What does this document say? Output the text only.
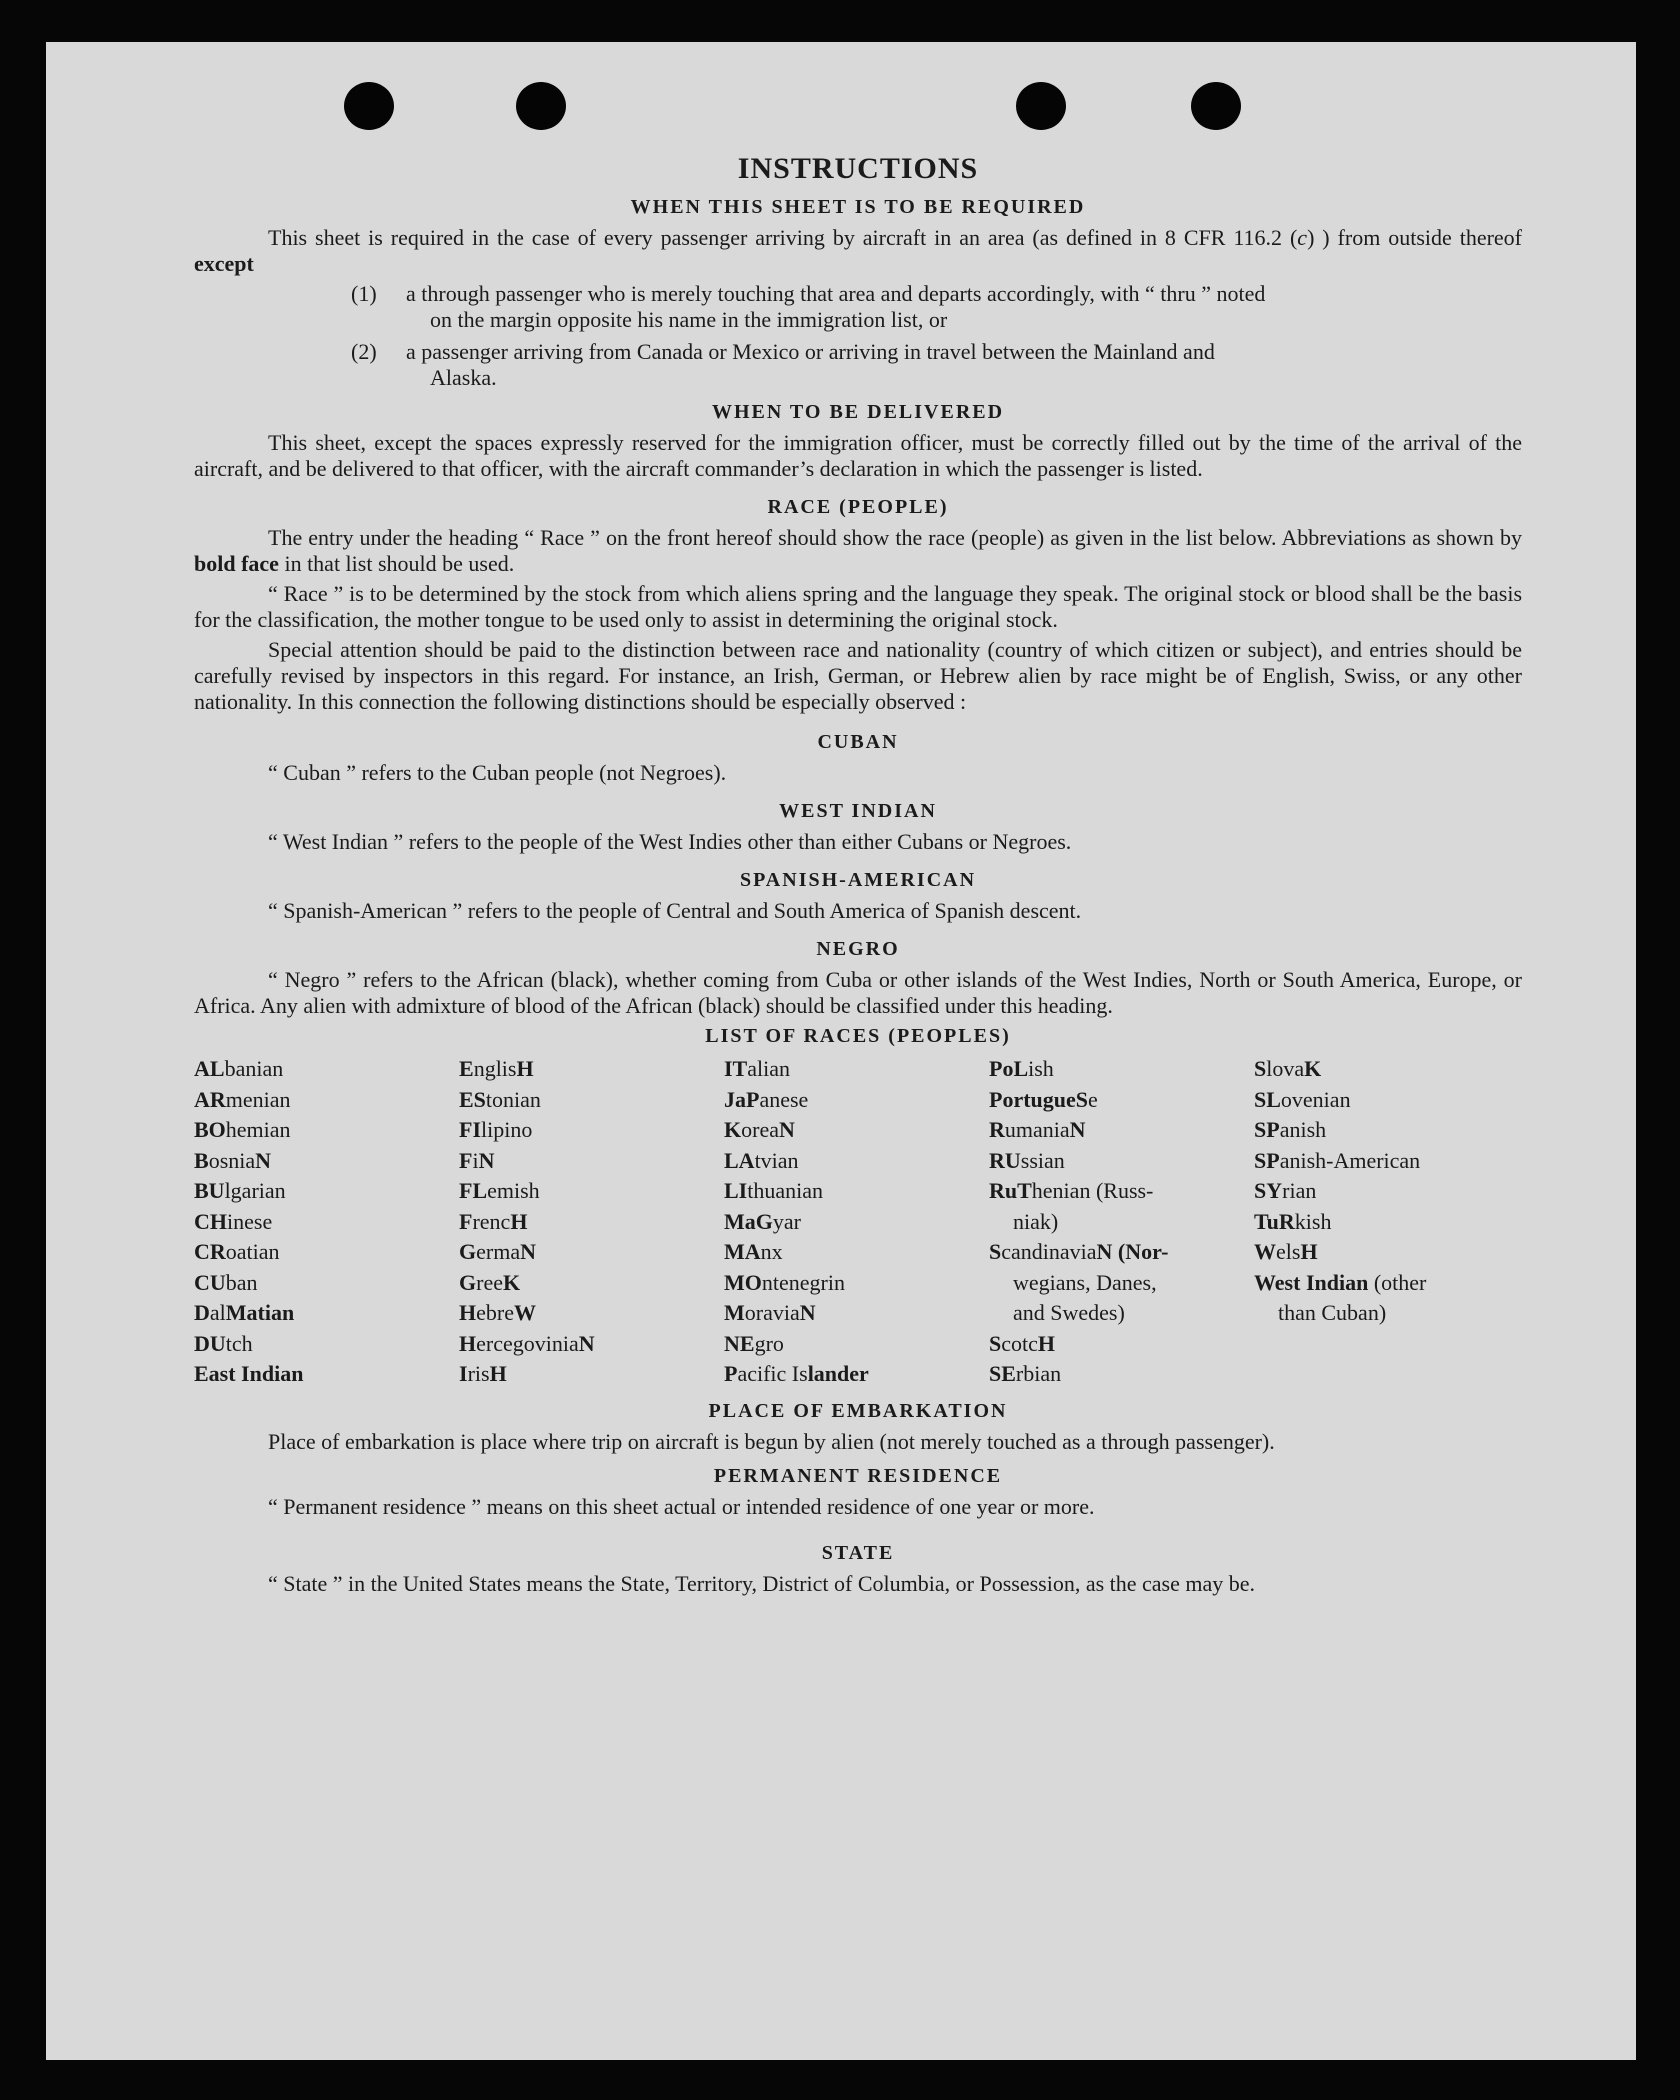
INSTRUCTIONS
WHEN THIS SHEET IS TO BE REQUIRED

This sheet is required in the case of every passenger arriving by aircraft in an area (as defined in 8 CFR 116.2 (c) ) from outside thereof except

(1)	a through passenger who is merely touching that area and departs accordingly, with “ thru ” noted
on the margin opposite his name in the immigration list, or
(2)	a passenger arriving from Canada or Mexico or arriving in travel between the Mainland and
Alaska.
WHEN TO BE DELIVERED

This sheet, except the spaces expressly reserved for the immigration officer, must be correctly filled out by the time of the arrival of the aircraft, and be delivered to that officer, with the aircraft commander’s declaration in which the passenger is listed.

RACE (PEOPLE)

The entry under the heading “ Race ” on the front hereof should show the race (people) as given in the list below. Abbreviations as shown by bold face in that list should be used.

“ Race ” is to be determined by the stock from which aliens spring and the language they speak. The original stock or blood shall be the basis for the classification, the mother tongue to be used only to assist in determining the original stock.

Special attention should be paid to the distinction between race and nationality (country of which citizen or subject), and entries should be carefully revised by inspectors in this regard. For instance, an Irish, German, or Hebrew alien by race might be of English, Swiss, or any other nationality. In this connection the following distinctions should be especially observed :

CUBAN

“ Cuban ” refers to the Cuban people (not Negroes).

WEST INDIAN

“ West Indian ” refers to the people of the West Indies other than either Cubans or Negroes.

SPANISH-AMERICAN

“ Spanish-American ” refers to the people of Central and South America of Spanish descent.

NEGRO

“ Negro ” refers to the African (black), whether coming from Cuba or other islands of the West Indies, North or South America, Europe, or Africa. Any alien with admixture of blood of the African (black) should be classified under this heading.

LIST OF RACES (PEOPLES)
ALbanian
ARmenian
BOhemian
BosniaN
BUlgarian
CHinese
CRoatian
CUban
DalMatian
DUtch
East Indian
EnglisH
EStonian
FIlipino
FiN
FLemish
FrencH
GermaN
GreeK
HebreW
HercegoviniaN
IrisH
ITalian
JaPanese
KoreaN
LAtvian
LIthuanian
MaGyar
MAnx
MOntenegrin
MoraviaN
NEgro
Pacific Islander
PoLish
PortugueSe
RumaniaN
RUssian
RuThenian (Russ-
niak)
ScandinaviaN (Nor-
wegians, Danes,
and Swedes)
ScotcH
SErbian
SlovaK
SLovenian
SPanish
SPanish-American
SYrian
TuRkish
WelsH
West Indian (other
than Cuban)
PLACE OF EMBARKATION

Place of embarkation is place where trip on aircraft is begun by alien (not merely touched as a through passenger).

PERMANENT RESIDENCE

“ Permanent residence ” means on this sheet actual or intended residence of one year or more.

STATE

“ State ” in the United States means the State, Territory, District of Columbia, or Possession, as the case may be.
